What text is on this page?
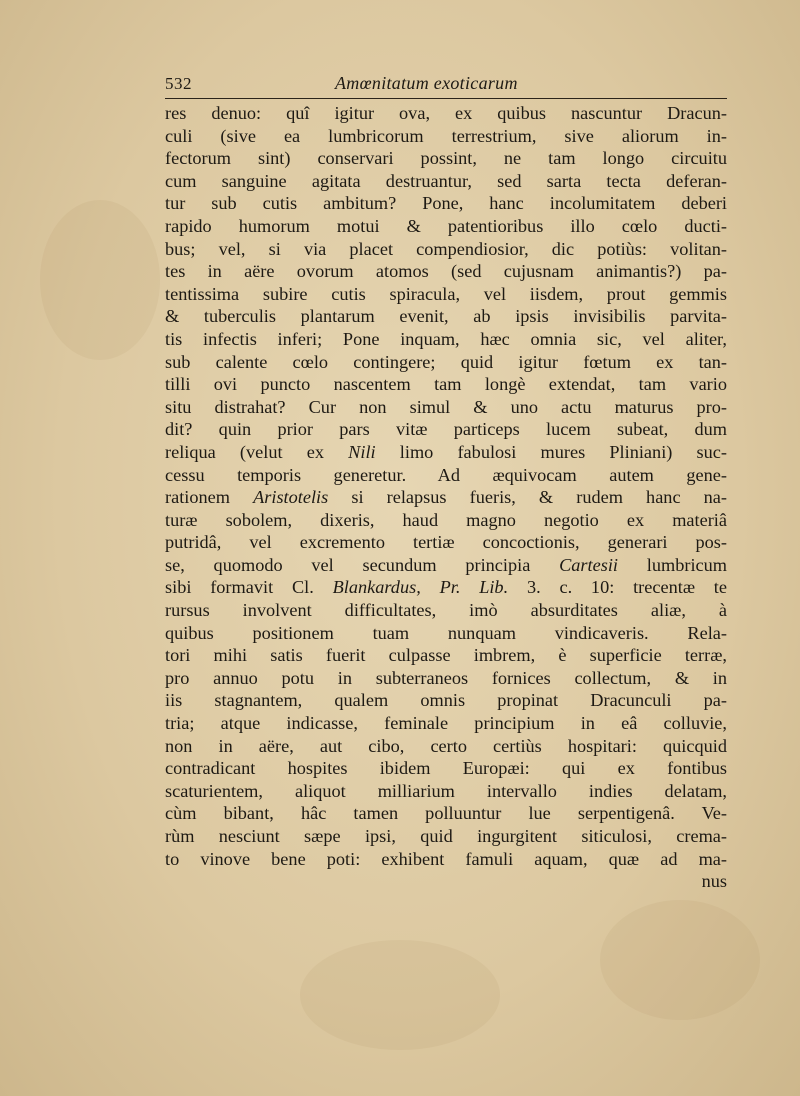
532	Amœnitatum exoticarum
res denuo: quî igitur ova, ex quibus nascuntur Dracun-
culi (sive ea lumbricorum terrestrium, sive aliorum in-
fectorum sint) conservari possint, ne tam longo circuitu
cum sanguine agitata destruantur, sed sarta tecta deferan-
tur sub cutis ambitum? Pone, hanc incolumitatem deberi
rapido humorum motui & patentioribus illo cœlo ducti-
bus; vel, si via placet compendiosior, dic potiùs: volitan-
tes in aëre ovorum atomos (sed cujusnam animantis?) pa-
tentissima subire cutis spiracula, vel iisdem, prout gemmis
& tuberculis plantarum evenit, ab ipsis invisibilis parvita-
tis infectis inferi; Pone inquam, hæc omnia sic, vel aliter,
sub calente cœlo contingere; quid igitur fœtum ex tan-
tilli ovi puncto nascentem tam longè extendat, tam vario
situ distrahat? Cur non simul & uno actu maturus pro-
dit? quin prior pars vitæ particeps lucem subeat, dum
reliqua (velut ex Nili limo fabulosi mures Pliniani) suc-
cessu temporis generetur. Ad æquivocam autem gene-
rationem Aristotelis si relapsus fueris, & rudem hanc na-
turæ sobolem, dixeris, haud magno negotio ex materiâ
putridâ, vel excremento tertiæ concoctionis, generari pos-
se, quomodo vel secundum principia Cartesii lumbricum
sibi formavit Cl. Blankardus, Pr. Lib. 3. c. 10: trecentæ te
rursus involvent difficultates, imò absurditates aliæ, à
quibus positionem tuam nunquam vindicaveris. Rela-
tori mihi satis fuerit culpasse imbrem, è superficie terræ,
pro annuo potu in subterraneos fornices collectum, & in
iis stagnantem, qualem omnis propinat Dracunculi pa-
tria; atque indicasse, feminale principium in eâ colluvie,
non in aëre, aut cibo, certo certiùs hospitari: quicquid
contradicant hospites ibidem Europæi: qui ex fontibus
scaturientem, aliquot milliarium intervallo indies delatam,
cùm bibant, hâc tamen polluuntur lue serpentigenâ. Ve-
rùm nesciunt sæpe ipsi, quid ingurgitent siticulosi, crema-
to vinove bene poti: exhibent famuli aquam, quæ ad ma-
nus
